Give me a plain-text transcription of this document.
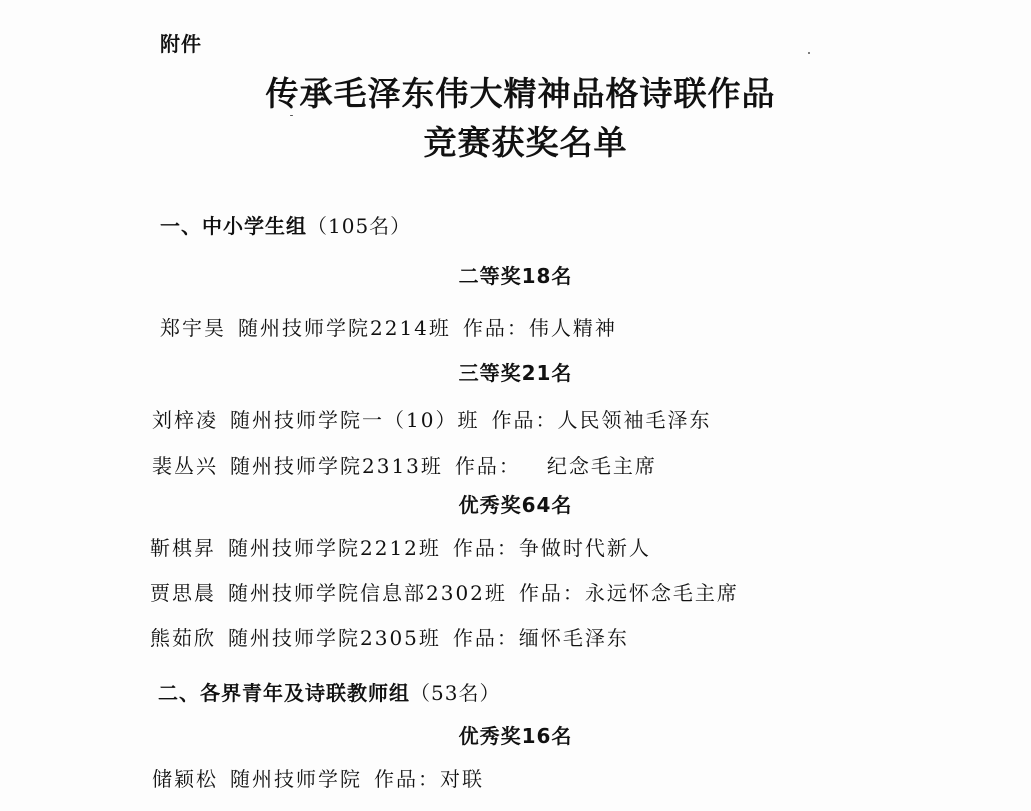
附件
传承毛泽东伟大精神品格诗联作品
竞赛获奖名单
一、中小学生组（105名）
二等奖18名
郑宇昊 随州技师学院2214班 作品：伟人精神
三等奖21名
刘梓凌 随州技师学院一（10）班 作品：人民领袖毛泽东
裴丛兴 随州技师学院2313班 作品： 纪念毛主席
优秀奖64名
靳棋昇 随州技师学院2212班 作品：争做时代新人
贾思晨 随州技师学院信息部2302班 作品：永远怀念毛主席
熊茹欣 随州技师学院2305班 作品：缅怀毛泽东
二、各界青年及诗联教师组（53名）
优秀奖16名
储颖松 随州技师学院 作品：对联
